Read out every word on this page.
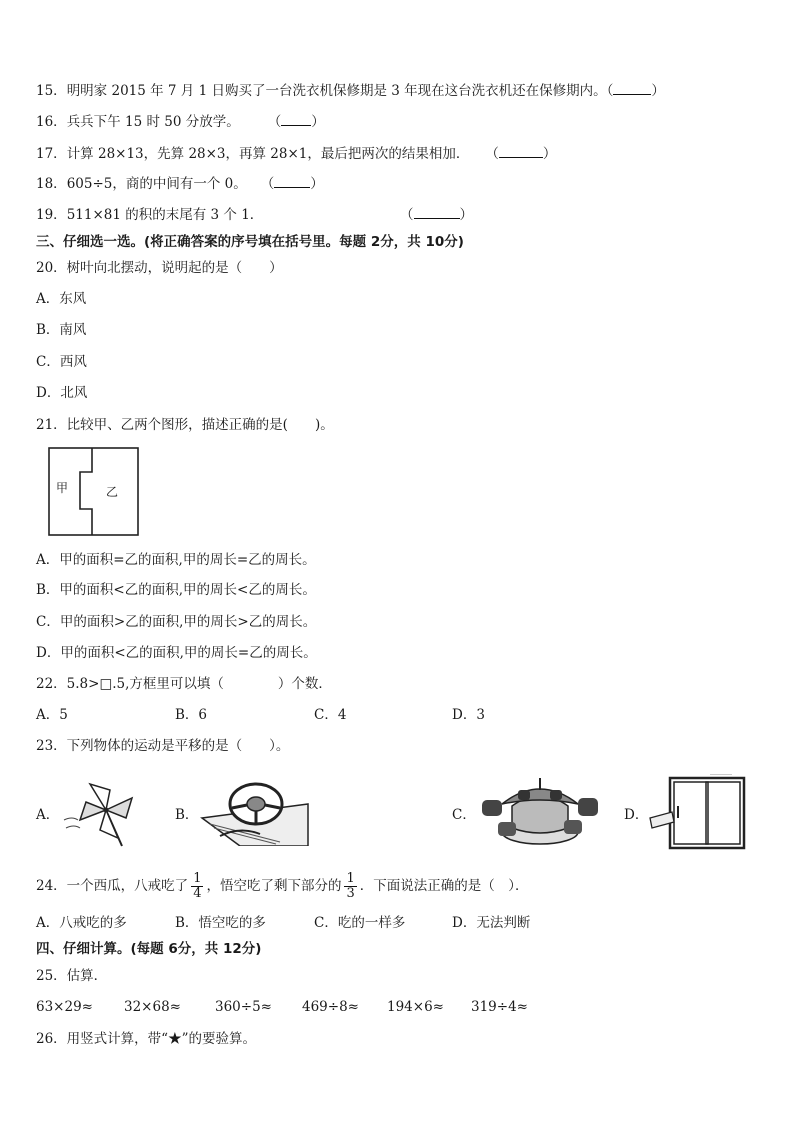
15．明明家 2015 年 7 月 1 日购买了一台洗衣机保修期是 3 年现在这台洗衣机还在保修期内。（	）
16．兵兵下午 15 时 50 分放学。 （ ）
17．计算 28×13，先算 28×3，再算 28×1，最后把两次的结果相加． （	）
18．605÷5，商的中间有一个 0。 （	）
19．511×81 的积的末尾有 3 个 1．	（	）
三、仔细选一选。(将正确答案的序号填在括号里。每题 2分，共 10分)
20．树叶向北摆动，说明起的是（　　）
A．东风
B．南风
C．西风
D．北风
21．比较甲、乙两个图形，描述正确的是(　　)。
甲	乙
A．甲的面积=乙的面积,甲的周长=乙的周长。
B．甲的面积<乙的面积,甲的周长<乙的周长。
C．甲的面积>乙的面积,甲的周长>乙的周长。
D．甲的面积<乙的面积,甲的周长=乙的周长。
22．5.8>□.5,方框里可以填（　　　　）个数．
A．5	B．6	C．4	D．3
23．下列物体的运动是平移的是（　　）。
A．	B．	C．	D．
24．一个西瓜，八戒吃了 $\frac{1}{4}$ ，悟空吃了剩下部分的 $\frac{1}{3}$ ．下面说法正确的是（　）．
A．八戒吃的多	B．悟空吃的多	C．吃的一样多	D．无法判断
四、仔细计算。(每题 6分，共 12分)
25．估算．
63×29≈ 32×68≈	360÷5≈ 469÷8≈ 194×6≈ 319÷4≈
26．用竖式计算，带“★”的要验算。
